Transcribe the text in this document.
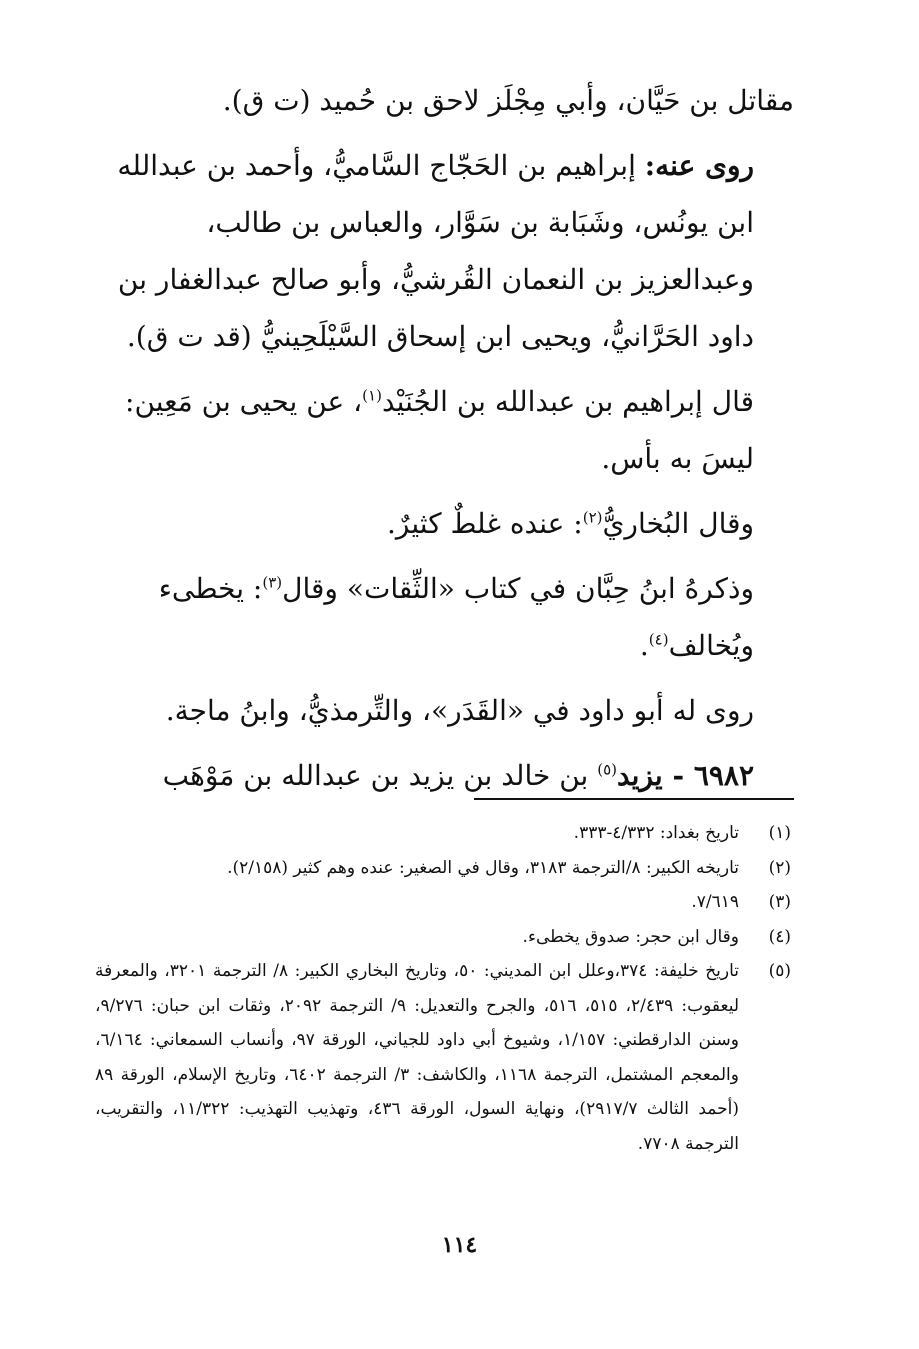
مقاتل بن حَيَّان، وأبي مِجْلَز لاحق بن حُميد (ت ق).

روى عنه: إبراهيم بن الحَجّاج السَّاميُّ، وأحمد بن عبدالله ابن يونُس، وشَبَابة بن سَوَّار، والعباس بن طالب، وعبدالعزيز بن النعمان القُرشيُّ، وأبو صالح عبدالغفار بن داود الحَرَّانيُّ، ويحيى ابن إسحاق السَّيْلَحِينيُّ (قد ت ق).

قال إبراهيم بن عبدالله بن الجُنَيْد$^{(١)}$، عن يحيى بن مَعِين: ليسَ به بأس.

وقال البُخاريُّ$^{(٢)}$: عنده غلطٌ كثيرٌ.

وذكرهُ ابنُ حِبَّان في كتاب «الثِّقات» وقال$^{(٣)}$: يخطىء ويُخالف$^{(٤)}$.

روى له أبو داود في «القَدَر»، والتِّرمذيُّ، وابنُ ماجة.

٦٩٨٢ - يزيد$^{(٥)}$ بن خالد بن يزيد بن عبدالله بن مَوْهَب

(١)
تاريخ بغداد: ٤/٣٣٢-٣٣٣.
(٢)
تاريخه الكبير: ٨/الترجمة ٣١٨٣، وقال في الصغير: عنده وهم كثير (٢/١٥٨).
(٣)
٧/٦١٩.
(٤)
وقال ابن حجر: صدوق يخطىء.
(٥)
تاريخ خليفة: ٣٧٤،وعلل ابن المديني: ٥٠، وتاريخ البخاري الكبير: ٨/ الترجمة ٣٢٠١، والمعرفة ليعقوب: ٢/٤٣٩، ٥١٥، ٥١٦، والجرح والتعديل: ٩/ الترجمة ٢٠٩٢، وثقات ابن حبان: ٩/٢٧٦، وسنن الدارقطني: ١/١٥٧، وشيوخ أبي داود للجياني، الورقة ٩٧، وأنساب السمعاني: ٦/١٦٤، والمعجم المشتمل، الترجمة ١١٦٨، والكاشف: ٣/ الترجمة ٦٤٠٢، وتاريخ الإسلام، الورقة ٨٩ (أحمد الثالث ٢٩١٧/٧)، ونهاية السول، الورقة ٤٣٦، وتهذيب التهذيب: ١١/٣٢٢، والتقريب، الترجمة ٧٧٠٨.
١١٤
